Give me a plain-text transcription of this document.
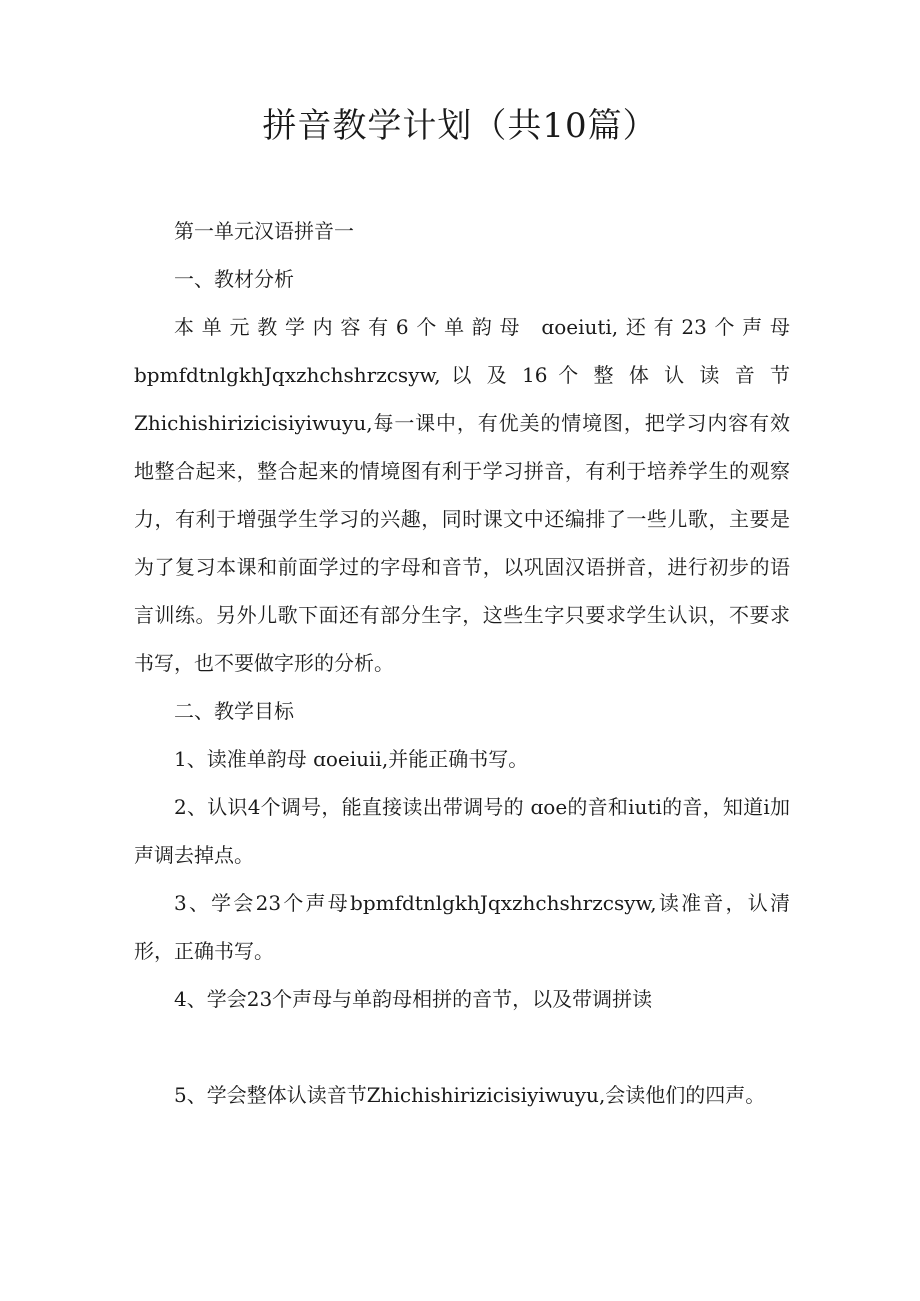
拼音教学计划（共10篇）

第一单元汉语拼音一

一、教材分析

本单元教学内容有6个单韵母 ɑoeiuti,还有23个声母bpmfdtnlgkhJqxzhchshrzcsyw, 以 及 16 个 整 体 认 读 音 节Zhichishirizicisiyiwuyu,每一课中，有优美的情境图，把学习内容有效地整合起来，整合起来的情境图有利于学习拼音，有利于培养学生的观察力，有利于增强学生学习的兴趣，同时课文中还编排了一些儿歌，主要是为了复习本课和前面学过的字母和音节，以巩固汉语拼音，进行初步的语言训练。另外儿歌下面还有部分生字，这些生字只要求学生认识，不要求书写，也不要做字形的分析。

二、教学目标

1、读准单韵母 ɑoeiuii,并能正确书写。

2、认识4个调号，能直接读出带调号的 ɑoe的音和iuti的音，知道i加声调去掉点。

3、学会23个声母bpmfdtnlgkhJqxzhchshrzcsyw,读准音，认清形，正确书写。

4、学会23个声母与单韵母相拼的音节，以及带调拼读

5、学会整体认读音节Zhichishirizicisiyiwuyu,会读他们的四声。
